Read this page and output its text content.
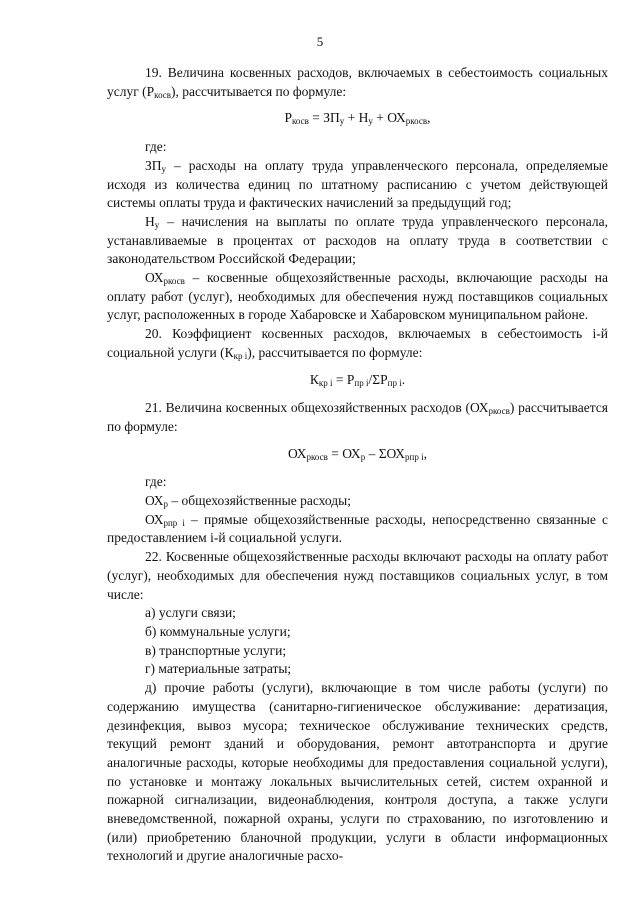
5

19. Величина косвенных расходов, включаемых в себестоимость социальных услуг $(Р_{косв})$, рассчитывается по формуле:

$Р_{косв} = ЗП_у + Н_у + ОХ_{ркосв}$,

где:

$ЗП_у$ – расходы на оплату труда управленческого персонала, определяемые исходя из количества единиц по штатному расписанию с учетом действующей системы оплаты труда и фактических начислений за предыдущий год;

$Н_у$ – начисления на выплаты по оплате труда управленческого персонала, устанавливаемые в процентах от расходов на оплату труда в соответствии с законодательством Российской Федерации;

$ОХ_{ркосв}$ – косвенные общехозяйственные расходы, включающие расходы на оплату работ (услуг), необходимых для обеспечения нужд поставщиков социальных услуг, расположенных в городе Хабаровске и Хабаровском муниципальном районе.

20. Коэффициент косвенных расходов, включаемых в себестоимость i-й социальной услуги $(К_{кр i})$, рассчитывается по формуле:

$К_{кр i} = Р_{пр i}/\Sigma Р_{пр i}$.

21. Величина косвенных общехозяйственных расходов $(ОХ_{ркосв})$ рассчитывается по формуле:

$ОХ_{ркосв} = ОХ_р - \Sigma ОХ_{рпр i}$,

где:

$ОХ_р$ – общехозяйственные расходы;

$ОХ_{рпр i}$ – прямые общехозяйственные расходы, непосредственно связанные с предоставлением i-й социальной услуги.

22. Косвенные общехозяйственные расходы включают расходы на оплату работ (услуг), необходимых для обеспечения нужд поставщиков социальных услуг, в том числе:

а) услуги связи;

б) коммунальные услуги;

в) транспортные услуги;

г) материальные затраты;

д) прочие работы (услуги), включающие в том числе работы (услуги) по содержанию имущества (санитарно-гигиеническое обслуживание: дератизация, дезинфекция, вывоз мусора; техническое обслуживание технических средств, текущий ремонт зданий и оборудования, ремонт автотранспорта и другие аналогичные расходы, которые необходимы для предоставления социальной услуги), по установке и монтажу локальных вычислительных сетей, систем охранной и пожарной сигнализации, видеонаблюдения, контроля доступа, а также услуги вневедомственной, пожарной охраны, услуги по страхованию, по изготовлению и (или) приобретению бланочной продукции, услуги в области информационных технологий и другие аналогичные расхо-
